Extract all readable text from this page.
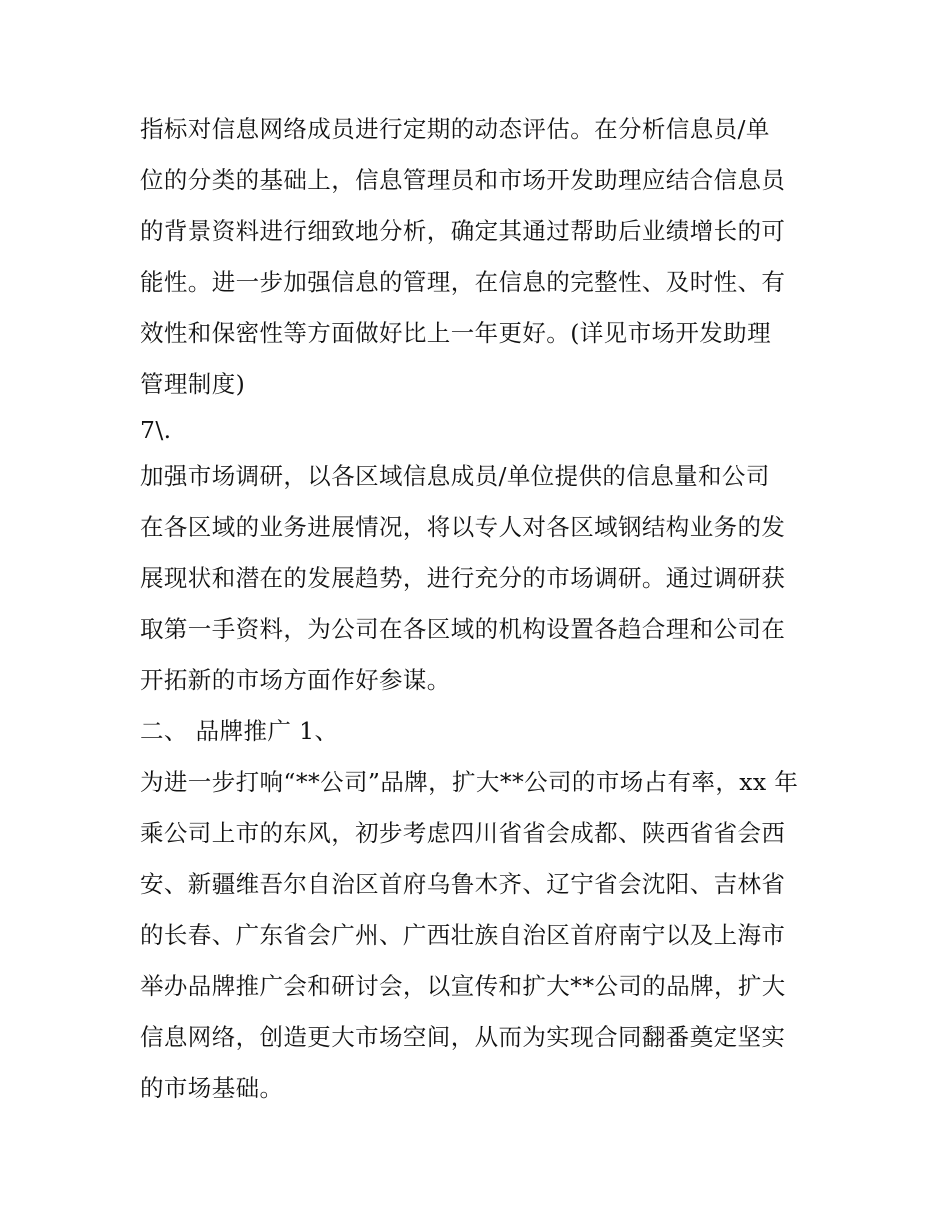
指标对信息网络成员进行定期的动态评估。在分析信息员/单
位的分类的基础上，信息管理员和市场开发助理应结合信息员
的背景资料进行细致地分析，确定其通过帮助后业绩增长的可
能性。进一步加强信息的管理，在信息的完整性、及时性、有
效性和保密性等方面做好比上一年更好。(详见市场开发助理
管理制度)
7\.
加强市场调研，以各区域信息成员/单位提供的信息量和公司
在各区域的业务进展情况，将以专人对各区域钢结构业务的发
展现状和潜在的发展趋势，进行充分的市场调研。通过调研获
取第一手资料，为公司在各区域的机构设置各趋合理和公司在
开拓新的市场方面作好参谋。
二、 品牌推广 1、
为进一步打响“**公司”品牌，扩大**公司的市场占有率，xx 年
乘公司上市的东风，初步考虑四川省省会成都、陕西省省会西
安、新疆维吾尔自治区首府乌鲁木齐、辽宁省会沈阳、吉林省
的长春、广东省会广州、广西壮族自治区首府南宁以及上海市
举办品牌推广会和研讨会，以宣传和扩大**公司的品牌，扩大
信息网络，创造更大市场空间，从而为实现合同翻番奠定坚实
的市场基础。
